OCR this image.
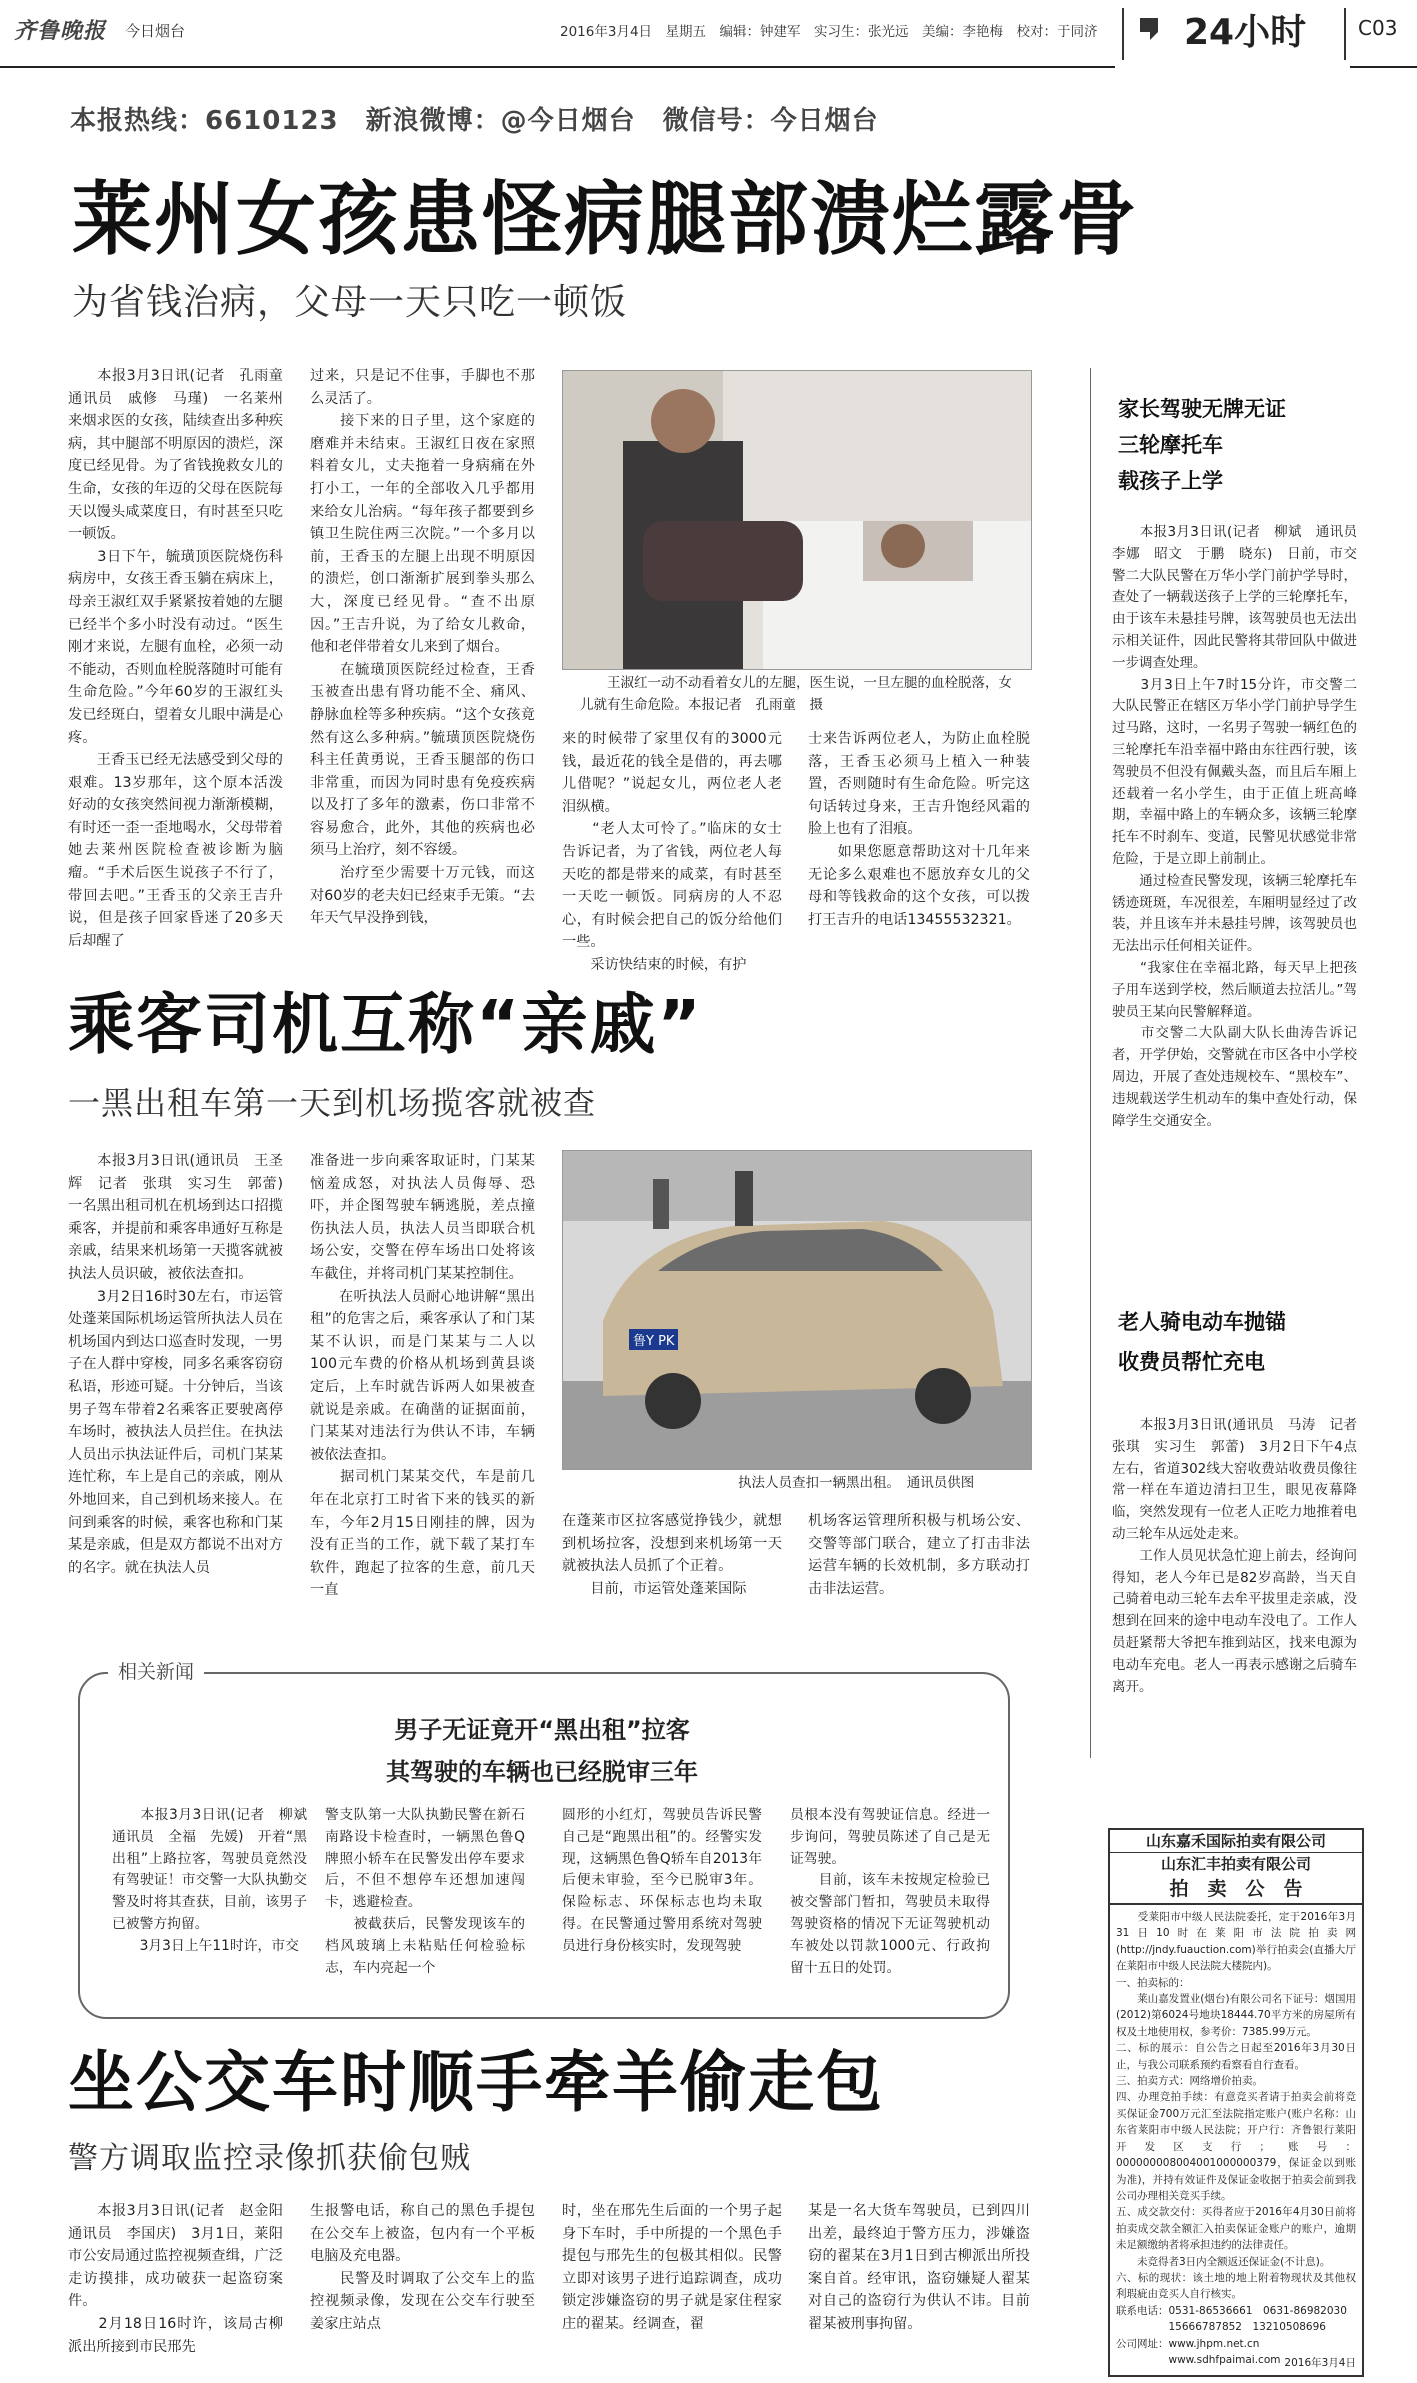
齐鲁晚报 今日烟台	2016年3月4日　星期五　编辑：钟建军　实习生：张光远　美编：李艳梅　校对：于同济 24小时	C03
本报热线：6610123　新浪微博：@今日烟台　微信号：今日烟台
莱州女孩患怪病腿部溃烂露骨
为省钱治病，父母一天只吃一顿饭
　　本报3月3日讯(记者　孔雨童　通讯员　戚修　马瑾)　一名莱州来烟求医的女孩，陆续查出多种疾病，其中腿部不明原因的溃烂，深度已经见骨。为了省钱挽救女儿的生命，女孩的年迈的父母在医院每天以馒头咸菜度日，有时甚至只吃一顿饭。
　　3日下午，毓璜顶医院烧伤科病房中，女孩王香玉躺在病床上，母亲王淑红双手紧紧按着她的左腿已经半个多小时没有动过。“医生刚才来说，左腿有血栓，必须一动不能动，否则血栓脱落随时可能有生命危险。”今年60岁的王淑红头发已经斑白，望着女儿眼中满是心疼。
　　王香玉已经无法感受到父母的艰难。13岁那年，这个原本活泼好动的女孩突然间视力渐渐模糊，有时还一歪一歪地喝水，父母带着她去莱州医院检查被诊断为脑瘤。“手术后医生说孩子不行了，带回去吧。”王香玉的父亲王吉升说，但是孩子回家昏迷了20多天后却醒了
过来，只是记不住事，手脚也不那么灵活了。
　　接下来的日子里，这个家庭的磨难并未结束。王淑红日夜在家照料着女儿，丈夫拖着一身病痛在外打小工，一年的全部收入几乎都用来给女儿治病。“每年孩子都要到乡镇卫生院住两三次院。”一个多月以前，王香玉的左腿上出现不明原因的溃烂，创口渐渐扩展到拳头那么大，深度已经见骨。“查不出原因。”王吉升说，为了给女儿救命，他和老伴带着女儿来到了烟台。
　　在毓璜顶医院经过检查，王香玉被查出患有肾功能不全、痛风、静脉血栓等多种疾病。“这个女孩竟然有这么多种病。”毓璜顶医院烧伤科主任黄勇说，王香玉腿部的伤口非常重，而因为同时患有免疫疾病以及打了多年的激素，伤口非常不容易愈合，此外，其他的疾病也必须马上治疗，刻不容缓。
　　治疗至少需要十万元钱，而这对60岁的老夫妇已经束手无策。“去年天气早没挣到钱，
　　王淑红一动不动看着女儿的左腿，医生说，一旦左腿的血栓脱落，女儿就有生命危险。本报记者　孔雨童　摄
来的时候带了家里仅有的3000元钱，最近花的钱全是借的，再去哪儿借呢？”说起女儿，两位老人老泪纵横。
　　“老人太可怜了。”临床的女士告诉记者，为了省钱，两位老人每天吃的都是带来的咸菜，有时甚至一天吃一顿饭。同病房的人不忍心，有时候会把自己的饭分给他们一些。
　　采访快结束的时候，有护
士来告诉两位老人，为防止血栓脱落，王香玉必须马上植入一种装置，否则随时有生命危险。听完这句话转过身来，王吉升饱经风霜的脸上也有了泪痕。
　　如果您愿意帮助这对十几年来无论多么艰难也不愿放弃女儿的父母和等钱救命的这个女孩，可以拨打王吉升的电话13455532321。
家长驾驶无牌无证
三轮摩托车
载孩子上学
　　本报3月3日讯(记者　柳斌　通讯员　李娜　昭文　于鹏　晓东)　日前，市交警二大队民警在万华小学门前护学导时，查处了一辆载送孩子上学的三轮摩托车，由于该车未悬挂号牌，该驾驶员也无法出示相关证件，因此民警将其带回队中做进一步调查处理。
　　3月3日上午7时15分许，市交警二大队民警正在辖区万华小学门前护导学生过马路，这时，一名男子驾驶一辆红色的三轮摩托车沿幸福中路由东往西行驶，该驾驶员不但没有佩戴头盔，而且后车厢上还载着一名小学生，由于正值上班高峰期，幸福中路上的车辆众多，该辆三轮摩托车不时刹车、变道，民警见状感觉非常危险，于是立即上前制止。
　　通过检查民警发现，该辆三轮摩托车锈迹斑斑，车况很差，车厢明显经过了改装，并且该车并未悬挂号牌，该驾驶员也无法出示任何相关证件。
　　“我家住在幸福北路，每天早上把孩子用车送到学校，然后顺道去拉活儿。”驾驶员王某向民警解释道。
　　市交警二大队副大队长曲涛告诉记者，开学伊始，交警就在市区各中小学校周边，开展了查处违规校车、“黑校车”、违规载送学生机动车的集中查处行动，保障学生交通安全。
老人骑电动车抛锚
收费员帮忙充电
　　本报3月3日讯(通讯员　马涛　记者　张琪　实习生　郭蕾)　3月2日下午4点左右，省道302线大窑收费站收费员像往常一样在车道边清扫卫生，眼见夜幕降临，突然发现有一位老人正吃力地推着电动三轮车从远处走来。
　　工作人员见状急忙迎上前去，经询问得知，老人今年已是82岁高龄，当天自己骑着电动三轮车去牟平拔里走亲戚，没想到在回来的途中电动车没电了。工作人员赶紧帮大爷把车推到站区，找来电源为电动车充电。老人一再表示感谢之后骑车离开。
乘客司机互称“亲戚”
一黑出租车第一天到机场揽客就被查
　　本报3月3日讯(通讯员　王圣辉　记者　张琪　实习生　郭蕾)　一名黑出租司机在机场到达口招揽乘客，并提前和乘客串通好互称是亲戚，结果来机场第一天揽客就被执法人员识破，被依法查扣。
　　3月2日16时30左右，市运管处蓬莱国际机场运管所执法人员在机场国内到达口巡查时发现，一男子在人群中穿梭，同多名乘客窃窃私语，形迹可疑。十分钟后，当该男子驾车带着2名乘客正要驶离停车场时，被执法人员拦住。在执法人员出示执法证件后，司机门某某连忙称，车上是自己的亲戚，刚从外地回来，自己到机场来接人。在问到乘客的时候，乘客也称和门某某是亲戚，但是双方都说不出对方的名字。就在执法人员
准备进一步向乘客取证时，门某某恼羞成怒，对执法人员侮辱、恐吓，并企图驾驶车辆逃脱，差点撞伤执法人员，执法人员当即联合机场公安，交警在停车场出口处将该车截住，并将司机门某某控制住。
　　在听执法人员耐心地讲解“黑出租”的危害之后，乘客承认了和门某某不认识，而是门某某与二人以100元车费的价格从机场到黄县谈定后，上车时就告诉两人如果被查就说是亲戚。在确凿的证据面前，门某某对违法行为供认不讳，车辆被依法查扣。
　　据司机门某某交代，车是前几年在北京打工时省下来的钱买的新车，今年2月15日刚挂的牌，因为没有正当的工作，就下载了某打车软件，跑起了拉客的生意，前几天一直
鲁Y PK
执法人员查扣一辆黑出租。　通讯员供图
在蓬莱市区拉客感觉挣钱少，就想到机场拉客，没想到来机场第一天就被执法人员抓了个正着。
　　目前，市运管处蓬莱国际
机场客运管理所积极与机场公安、交警等部门联合，建立了打击非法运营车辆的长效机制，多方联动打击非法运营。
相关新闻
男子无证竟开“黑出租”拉客
其驾驶的车辆也已经脱审三年
　　本报3月3日讯(记者　柳斌　通讯员　全福　先媛)　开着“黑出租”上路拉客，驾驶员竟然没有驾驶证！市交警一大队执勤交警及时将其查获，目前，该男子已被警方拘留。
　　3月3日上午11时许，市交
警支队第一大队执勤民警在新石南路设卡检查时，一辆黑色鲁Q牌照小轿车在民警发出停车要求后，不但不想停车还想加速闯卡，逃避检查。
　　被截获后，民警发现该车的档风玻璃上未粘贴任何检验标志，车内亮起一个
圆形的小红灯，驾驶员告诉民警自己是“跑黑出租”的。经警实发现，这辆黑色鲁Q轿车自2013年后便未审验，至今已脱审3年。保险标志、环保标志也均未取得。在民警通过警用系统对驾驶员进行身份核实时，发现驾驶
员根本没有驾驶证信息。经进一步询问，驾驶员陈述了自己是无证驾驶。
　　目前，该车未按规定检验已被交警部门暂扣，驾驶员未取得驾驶资格的情况下无证驾驶机动车被处以罚款1000元、行政拘留十五日的处罚。
山东嘉禾国际拍卖有限公司
山东汇丰拍卖有限公司
拍　卖　公　告
　　受莱阳市中级人民法院委托，定于2016年3月31日10时在莱阳市法院拍卖网(http://jndy.fuauction.com)举行拍卖会(直播大厅在莱阳市中级人民法院大楼院内)。
一、拍卖标的：
　　莱山嘉发置业(烟台)有限公司名下证号：烟国用(2012)第6024号地块18444.70平方米的房屋所有权及土地使用权，参考价：7385.99万元。
二、标的展示：自公告之日起至2016年3月30日止，与我公司联系预约看察看自行查看。
三、拍卖方式：网络增价拍卖。
四、办理竞拍手续：有意竞买者请于拍卖会前将竞买保证金700万元汇至法院指定账户(账户名称：山东省莱阳市中级人民法院；开户行：齐鲁银行莱阳开发区支行；账号：000000008004001000000379，保证金以到账为准)，并持有效证件及保证金收据于拍卖会前到我公司办理相关竞买手续。
五、成交款交付：买得者应于2016年4月30日前将拍卖成交款全额汇入拍卖保证金账户的账户，逾期未足额缴纳者将承担违约的法律责任。
　　未竞得者3日内全额返还保证金(不计息)。
六、标的现状：该土地的地上附着物现状及其他权利瑕疵由竞买人自行核实。
联系电话：0531-86536661　0631-86982030
　　　　　15666787852　13210508696
公司网址：www.jhpm.net.cn
　　　　　www.sdhfpaimai.com 2016年3月4日
坐公交车时顺手牵羊偷走包
警方调取监控录像抓获偷包贼
　　本报3月3日讯(记者　赵金阳　通讯员　李国庆)　3月1日，莱阳市公安局通过监控视频查缉，广泛走访摸排，成功破获一起盗窃案件。
　　2月18日16时许，该局古柳派出所接到市民邢先
生报警电话，称自己的黑色手提包在公交车上被盗，包内有一个平板电脑及充电器。
　　民警及时调取了公交车上的监控视频录像，发现在公交车行驶至姜家庄站点
时，坐在邢先生后面的一个男子起身下车时，手中所提的一个黑色手提包与邢先生的包极其相似。民警立即对该男子进行追踪调查，成功锁定涉嫌盗窃的男子就是家住程家庄的翟某。经调查，翟
某是一名大货车驾驶员，已到四川出差，最终迫于警方压力，涉嫌盗窃的翟某在3月1日到古柳派出所投案自首。经审讯，盗窃嫌疑人翟某对自己的盗窃行为供认不讳。目前翟某被刑事拘留。
